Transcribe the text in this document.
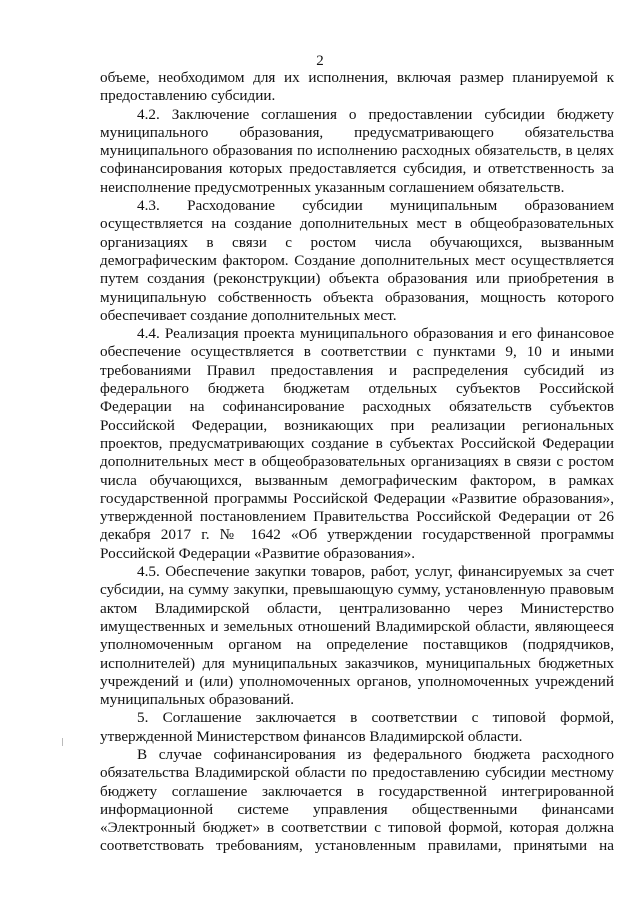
2

объеме, необходимом для их исполнения, включая размер планируемой к предоставлению субсидии.

4.2. Заключение соглашения о предоставлении субсидии бюджету муниципального образования, предусматривающего обязательства муниципального образования по исполнению расходных обязательств, в целях софинансирования которых предоставляется субсидия, и ответственность за неисполнение предусмотренных указанным соглашением обязательств.

4.3. Расходование субсидии муниципальным образованием осуществляется на создание дополнительных мест в общеобразовательных организациях в связи с ростом числа обучающихся, вызванным демографическим фактором. Создание дополнительных мест осуществляется путем создания (реконструкции) объекта образования или приобретения в муниципальную собственность объекта образования, мощность которого обеспечивает создание дополнительных мест.

4.4. Реализация проекта муниципального образования и его финансовое обеспечение осуществляется в соответствии с пунктами 9, 10 и иными требованиями Правил предоставления и распределения субсидий из федерального бюджета бюджетам отдельных субъектов Российской Федерации на софинансирование расходных обязательств субъектов Российской Федерации, возникающих при реализации региональных проектов, предусматривающих создание в субъектах Российской Федерации дополнительных мест в общеобразовательных организациях в связи с ростом числа обучающихся, вызванным демографическим фактором, в рамках государственной программы Российской Федерации «Развитие образования», утвержденной постановлением Правительства Российской Федерации от 26 декабря 2017 г. № 1642 «Об утверждении государственной программы Российской Федерации «Развитие образования».

4.5. Обеспечение закупки товаров, работ, услуг, финансируемых за счет субсидии, на сумму закупки, превышающую сумму, установленную правовым актом Владимирской области, централизованно через Министерство имущественных и земельных отношений Владимирской области, являющееся уполномоченным органом на определение поставщиков (подрядчиков, исполнителей) для муниципальных заказчиков, муниципальных бюджетных учреждений и (или) уполномоченных органов, уполномоченных учреждений муниципальных образований.

5. Соглашение заключается в соответствии с типовой формой, утвержденной Министерством финансов Владимирской области.

В случае софинансирования из федерального бюджета расходного обязательства Владимирской области по предоставлению субсидии местному бюджету соглашение заключается в государственной интегрированной информационной системе управления общественными финансами «Электронный бюджет» в соответствии с типовой формой, которая должна соответствовать требованиям, установленным правилами, принятыми на
